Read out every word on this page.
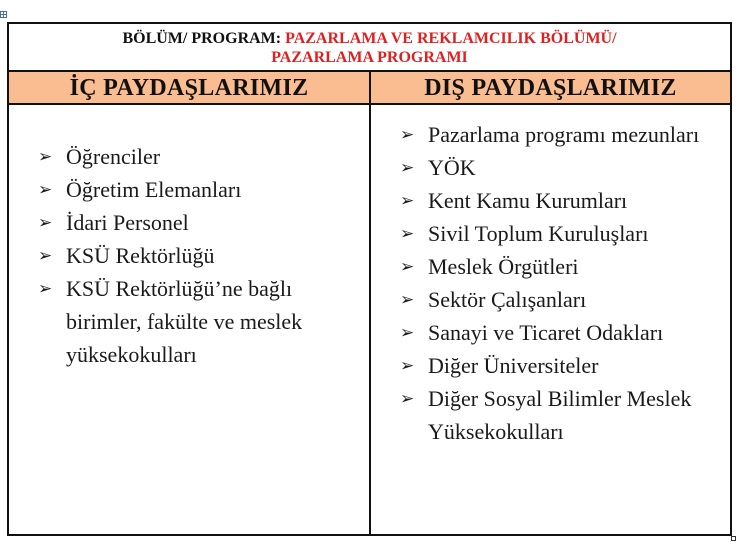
BÖLÜM/ PROGRAM: PAZARLAMA VE REKLAMCILIK BÖLÜMÜ/
PAZARLAMA PROGRAMI
İÇ PAYDAŞLARIMIZ	DIŞ PAYDAŞLARIMIZ
➢ Öğrenciler
➢ Öğretim Elemanları
➢ İdari Personel
➢ KSÜ Rektörlüğü
➢ KSÜ Rektörlüğü’ne bağlı birimler, fakülte ve meslek yüksekokulları
➢ Pazarlama programı mezunları
➢ YÖK
➢ Kent Kamu Kurumları
➢ Sivil Toplum Kuruluşları
➢ Meslek Örgütleri
➢ Sektör Çalışanları
➢ Sanayi ve Ticaret Odakları
➢ Diğer Üniversiteler
➢ Diğer Sosyal Bilimler Meslek Yüksekokulları
